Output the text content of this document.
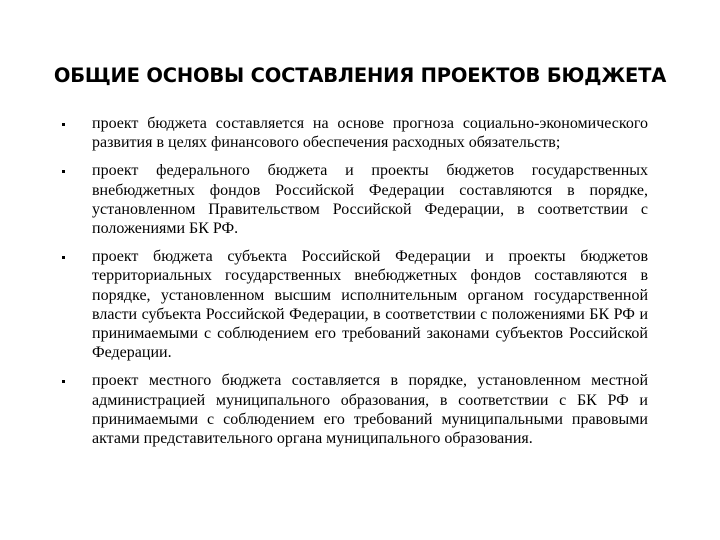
ОБЩИЕ ОСНОВЫ СОСТАВЛЕНИЯ ПРОЕКТОВ БЮДЖЕТА
проект бюджета составляется на основе прогноза социально-экономического развития в целях финансового обеспечения расходных обязательств;
проект федерального бюджета и проекты бюджетов государственных внебюджетных фондов Российской Федерации составляются в порядке, установленном Правительством Российской Федерации, в соответствии с положениями БК РФ.
проект бюджета субъекта Российской Федерации и проекты бюджетов территориальных государственных внебюджетных фондов составляются в порядке, установленном высшим исполнительным органом государственной власти субъекта Российской Федерации, в соответствии с положениями БК РФ и принимаемыми с соблюдением его требований законами субъектов Российской Федерации.
проект местного бюджета составляется в порядке, установленном местной администрацией муниципального образования, в соответствии с БК РФ и принимаемыми с соблюдением его требований муниципальными правовыми актами представительного органа муниципального образования.
